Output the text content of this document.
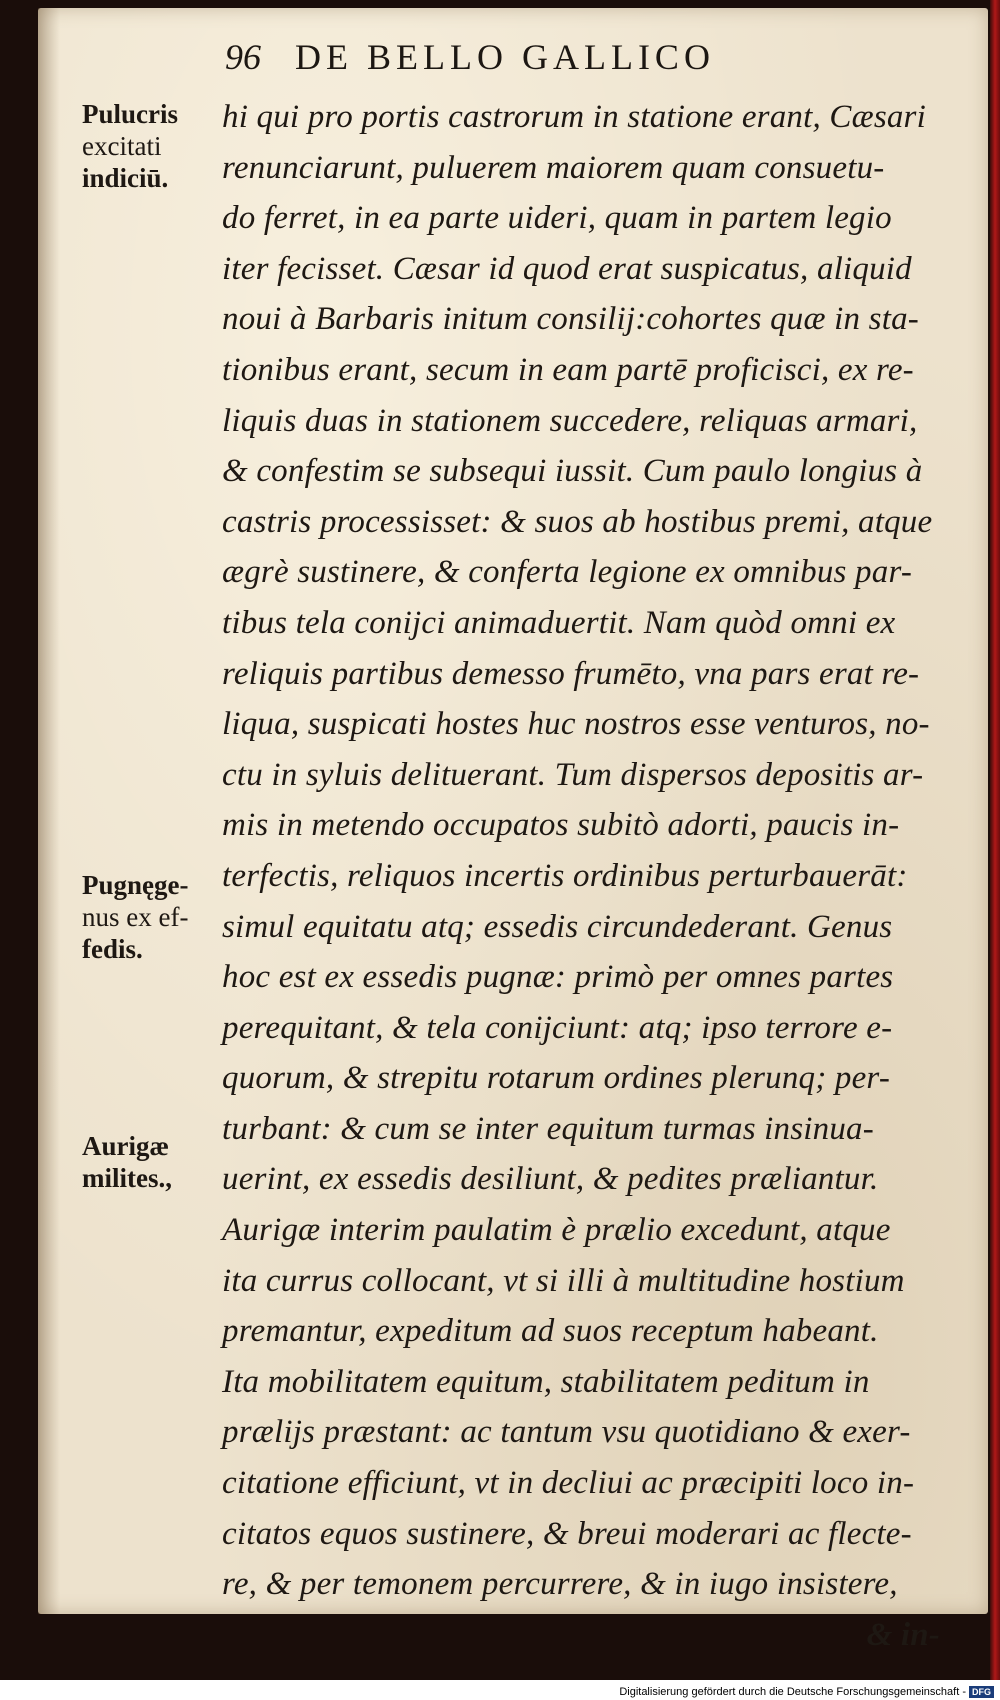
96 DE BELLO GALLICO
Pulucris
excitati
indiciū.
Pugnęge-
nus ex ef-
fedis.
Aurigæ
milites.,
hi qui pro portis castrorum in statione erant, Cæsari
renunciarunt, puluerem maiorem quam consuetu-
do ferret, in ea parte uideri, quam in partem legio
iter fecisset. Cæsar id quod erat suspicatus, aliquid
noui à Barbaris initum consilij:cohortes quæ in sta-
tionibus erant, secum in eam partē proficisci, ex re-
liquis duas in stationem succedere, reliquas armari,
& confestim se subsequi iussit. Cum paulo longius à
castris processisset: & suos ab hostibus premi, atque
ægrè sustinere, & conferta legione ex omnibus par-
tibus tela conijci animaduertit. Nam quòd omni ex
reliquis partibus demesso frumēto, vna pars erat re-
liqua, suspicati hostes huc nostros esse venturos, no-
ctu in syluis delituerant. Tum dispersos depositis ar-
mis in metendo occupatos subitò adorti, paucis in-
terfectis, reliquos incertis ordinibus perturbauerāt:
simul equitatu atq; essedis circundederant. Genus
hoc est ex essedis pugnæ: primò per omnes partes
perequitant, & tela conijciunt: atq; ipso terrore e-
quorum, & strepitu rotarum ordines plerunq; per-
turbant: & cum se inter equitum turmas insinua-
uerint, ex essedis desiliunt, & pedites præliantur.
Aurigæ interim paulatim è prælio excedunt, atque
ita currus collocant, vt si illi à multitudine hostium
premantur, expeditum ad suos receptum habeant.
Ita mobilitatem equitum, stabilitatem peditum in
prælijs præstant: ac tantum vsu quotidiano & exer-
citatione efficiunt, vt in decliui ac præcipiti loco in-
citatos equos sustinere, & breui moderari ac flecte-
re, & per temonem percurrere, & in iugo insistere,
& in-
Digitalisierung gefördert durch die Deutsche Forschungsgemeinschaft - DFG
